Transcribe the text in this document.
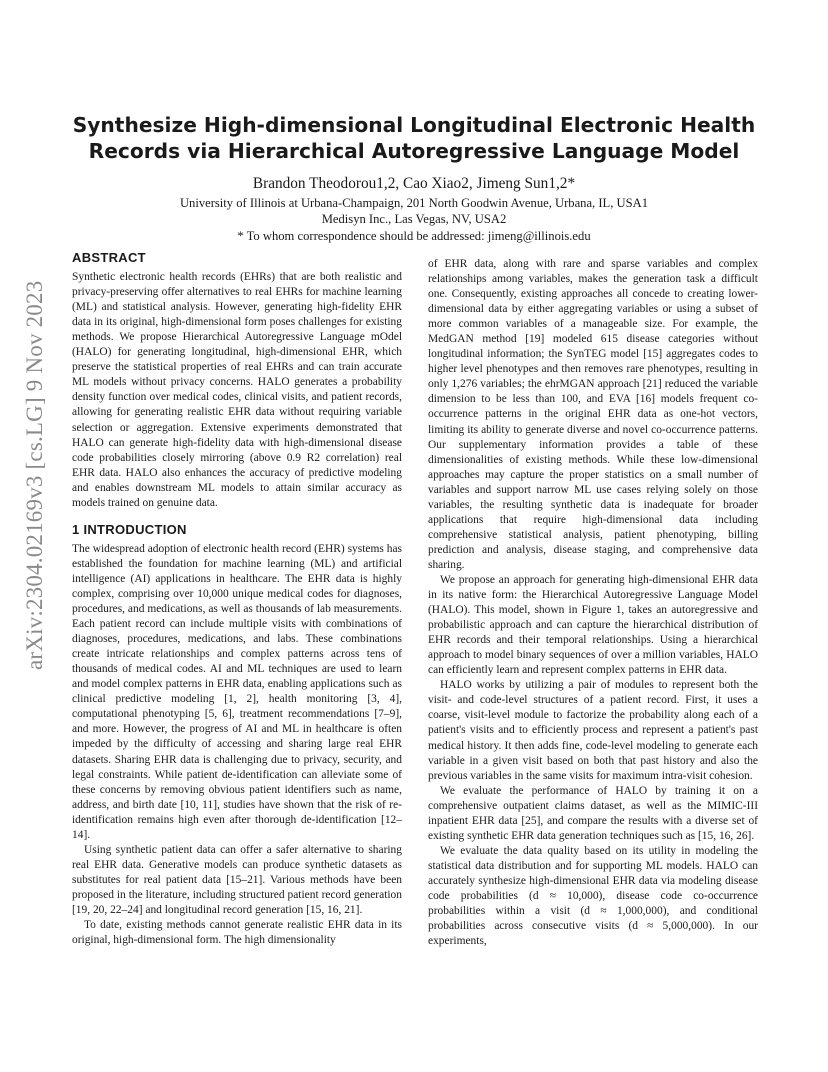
arXiv:2304.02169v3 [cs.LG] 9 Nov 2023
Synthesize High-dimensional Longitudinal Electronic Health Records via Hierarchical Autoregressive Language Model
Brandon Theodorou1,2, Cao Xiao2, Jimeng Sun1,2*
University of Illinois at Urbana-Champaign, 201 North Goodwin Avenue, Urbana, IL, USA1
Medisyn Inc., Las Vegas, NV, USA2
* To whom correspondence should be addressed: jimeng@illinois.edu
ABSTRACT

Synthetic electronic health records (EHRs) that are both realistic and privacy-preserving offer alternatives to real EHRs for machine learning (ML) and statistical analysis. However, generating high-fidelity EHR data in its original, high-dimensional form poses challenges for existing methods. We propose Hierarchical Autoregressive Language mOdel (HALO) for generating longitudinal, high-dimensional EHR, which preserve the statistical properties of real EHRs and can train accurate ML models without privacy concerns. HALO generates a probability density function over medical codes, clinical visits, and patient records, allowing for generating realistic EHR data without requiring variable selection or aggregation. Extensive experiments demonstrated that HALO can generate high-fidelity data with high-dimensional disease code probabilities closely mirroring (above 0.9 R2 correlation) real EHR data. HALO also enhances the accuracy of predictive modeling and enables downstream ML models to attain similar accuracy as models trained on genuine data.

1 INTRODUCTION

The widespread adoption of electronic health record (EHR) systems has established the foundation for machine learning (ML) and artificial intelligence (AI) applications in healthcare. The EHR data is highly complex, comprising over 10,000 unique medical codes for diagnoses, procedures, and medications, as well as thousands of lab measurements. Each patient record can include multiple visits with combinations of diagnoses, procedures, medications, and labs. These combinations create intricate relationships and complex patterns across tens of thousands of medical codes. AI and ML techniques are used to learn and model complex patterns in EHR data, enabling applications such as clinical predictive modeling [1, 2], health monitoring [3, 4], computational phenotyping [5, 6], treatment recommendations [7–9], and more. However, the progress of AI and ML in healthcare is often impeded by the difficulty of accessing and sharing large real EHR datasets. Sharing EHR data is challenging due to privacy, security, and legal constraints. While patient de-identification can alleviate some of these concerns by removing obvious patient identifiers such as name, address, and birth date [10, 11], studies have shown that the risk of re-identification remains high even after thorough de-identification [12–14].

Using synthetic patient data can offer a safer alternative to sharing real EHR data. Generative models can produce synthetic datasets as substitutes for real patient data [15–21]. Various methods have been proposed in the literature, including structured patient record generation [19, 20, 22–24] and longitudinal record generation [15, 16, 21].

To date, existing methods cannot generate realistic EHR data in its original, high-dimensional form. The high dimensionality

of EHR data, along with rare and sparse variables and complex relationships among variables, makes the generation task a difficult one. Consequently, existing approaches all concede to creating lower-dimensional data by either aggregating variables or using a subset of more common variables of a manageable size. For example, the MedGAN method [19] modeled 615 disease categories without longitudinal information; the SynTEG model [15] aggregates codes to higher level phenotypes and then removes rare phenotypes, resulting in only 1,276 variables; the ehrMGAN approach [21] reduced the variable dimension to be less than 100, and EVA [16] models frequent co-occurrence patterns in the original EHR data as one-hot vectors, limiting its ability to generate diverse and novel co-occurrence patterns. Our supplementary information provides a table of these dimensionalities of existing methods. While these low-dimensional approaches may capture the proper statistics on a small number of variables and support narrow ML use cases relying solely on those variables, the resulting synthetic data is inadequate for broader applications that require high-dimensional data including comprehensive statistical analysis, patient phenotyping, billing prediction and analysis, disease staging, and comprehensive data sharing.

We propose an approach for generating high-dimensional EHR data in its native form: the Hierarchical Autoregressive Language Model (HALO). This model, shown in Figure 1, takes an autoregressive and probabilistic approach and can capture the hierarchical distribution of EHR records and their temporal relationships. Using a hierarchical approach to model binary sequences of over a million variables, HALO can efficiently learn and represent complex patterns in EHR data.

HALO works by utilizing a pair of modules to represent both the visit- and code-level structures of a patient record. First, it uses a coarse, visit-level module to factorize the probability along each of a patient's visits and to efficiently process and represent a patient's past medical history. It then adds fine, code-level modeling to generate each variable in a given visit based on both that past history and also the previous variables in the same visits for maximum intra-visit cohesion.

We evaluate the performance of HALO by training it on a comprehensive outpatient claims dataset, as well as the MIMIC-III inpatient EHR data [25], and compare the results with a diverse set of existing synthetic EHR data generation techniques such as [15, 16, 26].

We evaluate the data quality based on its utility in modeling the statistical data distribution and for supporting ML models. HALO can accurately synthesize high-dimensional EHR data via modeling disease code probabilities (d ≈ 10,000), disease code co-occurrence probabilities within a visit (d ≈ 1,000,000), and conditional probabilities across consecutive visits (d ≈ 5,000,000). In our experiments,
